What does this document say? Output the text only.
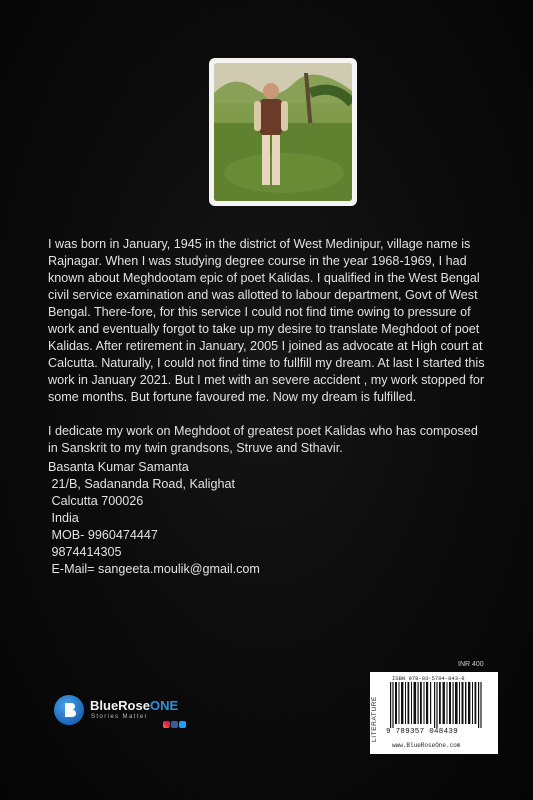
I was born in January, 1945 in the district of West Medinipur, village name is Rajnagar. When I was studying degree course in the year 1968-1969, I had known about Meghdootam epic of poet Kalidas. I qualified in the West Bengal civil service examination and was allotted to labour department, Govt of West Bengal. There-fore, for this service I could not find time owing to pressure of work and eventually forgot to take up my desire to translate Meghdoot of poet Kalidas. After retirement in January, 2005 I joined as advocate at High court at Calcutta. Naturally, I could not find time to fullfill my dream. At last I started this work in January 2021. But I met with an severe accident , my work stopped for some months. But fortune favoured me. Now my dream is fulfilled.

I dedicate my work on Meghdoot of greatest poet Kalidas who has composed in Sanskrit to my twin grandsons, Struve and Sthavir.

Basanta Kumar Samanta
21/B, Sadananda Road, Kalighat
Calcutta 700026
India
MOB- 9960474447
9874414305
E-Mail= sangeeta.moulik@gmail.com
INR 400
ISBN 978-93-5704-843-9
9 789357 048439
www.BlueRoseOne.com
LITERATURE
BlueRoseONE
Stories Matter
